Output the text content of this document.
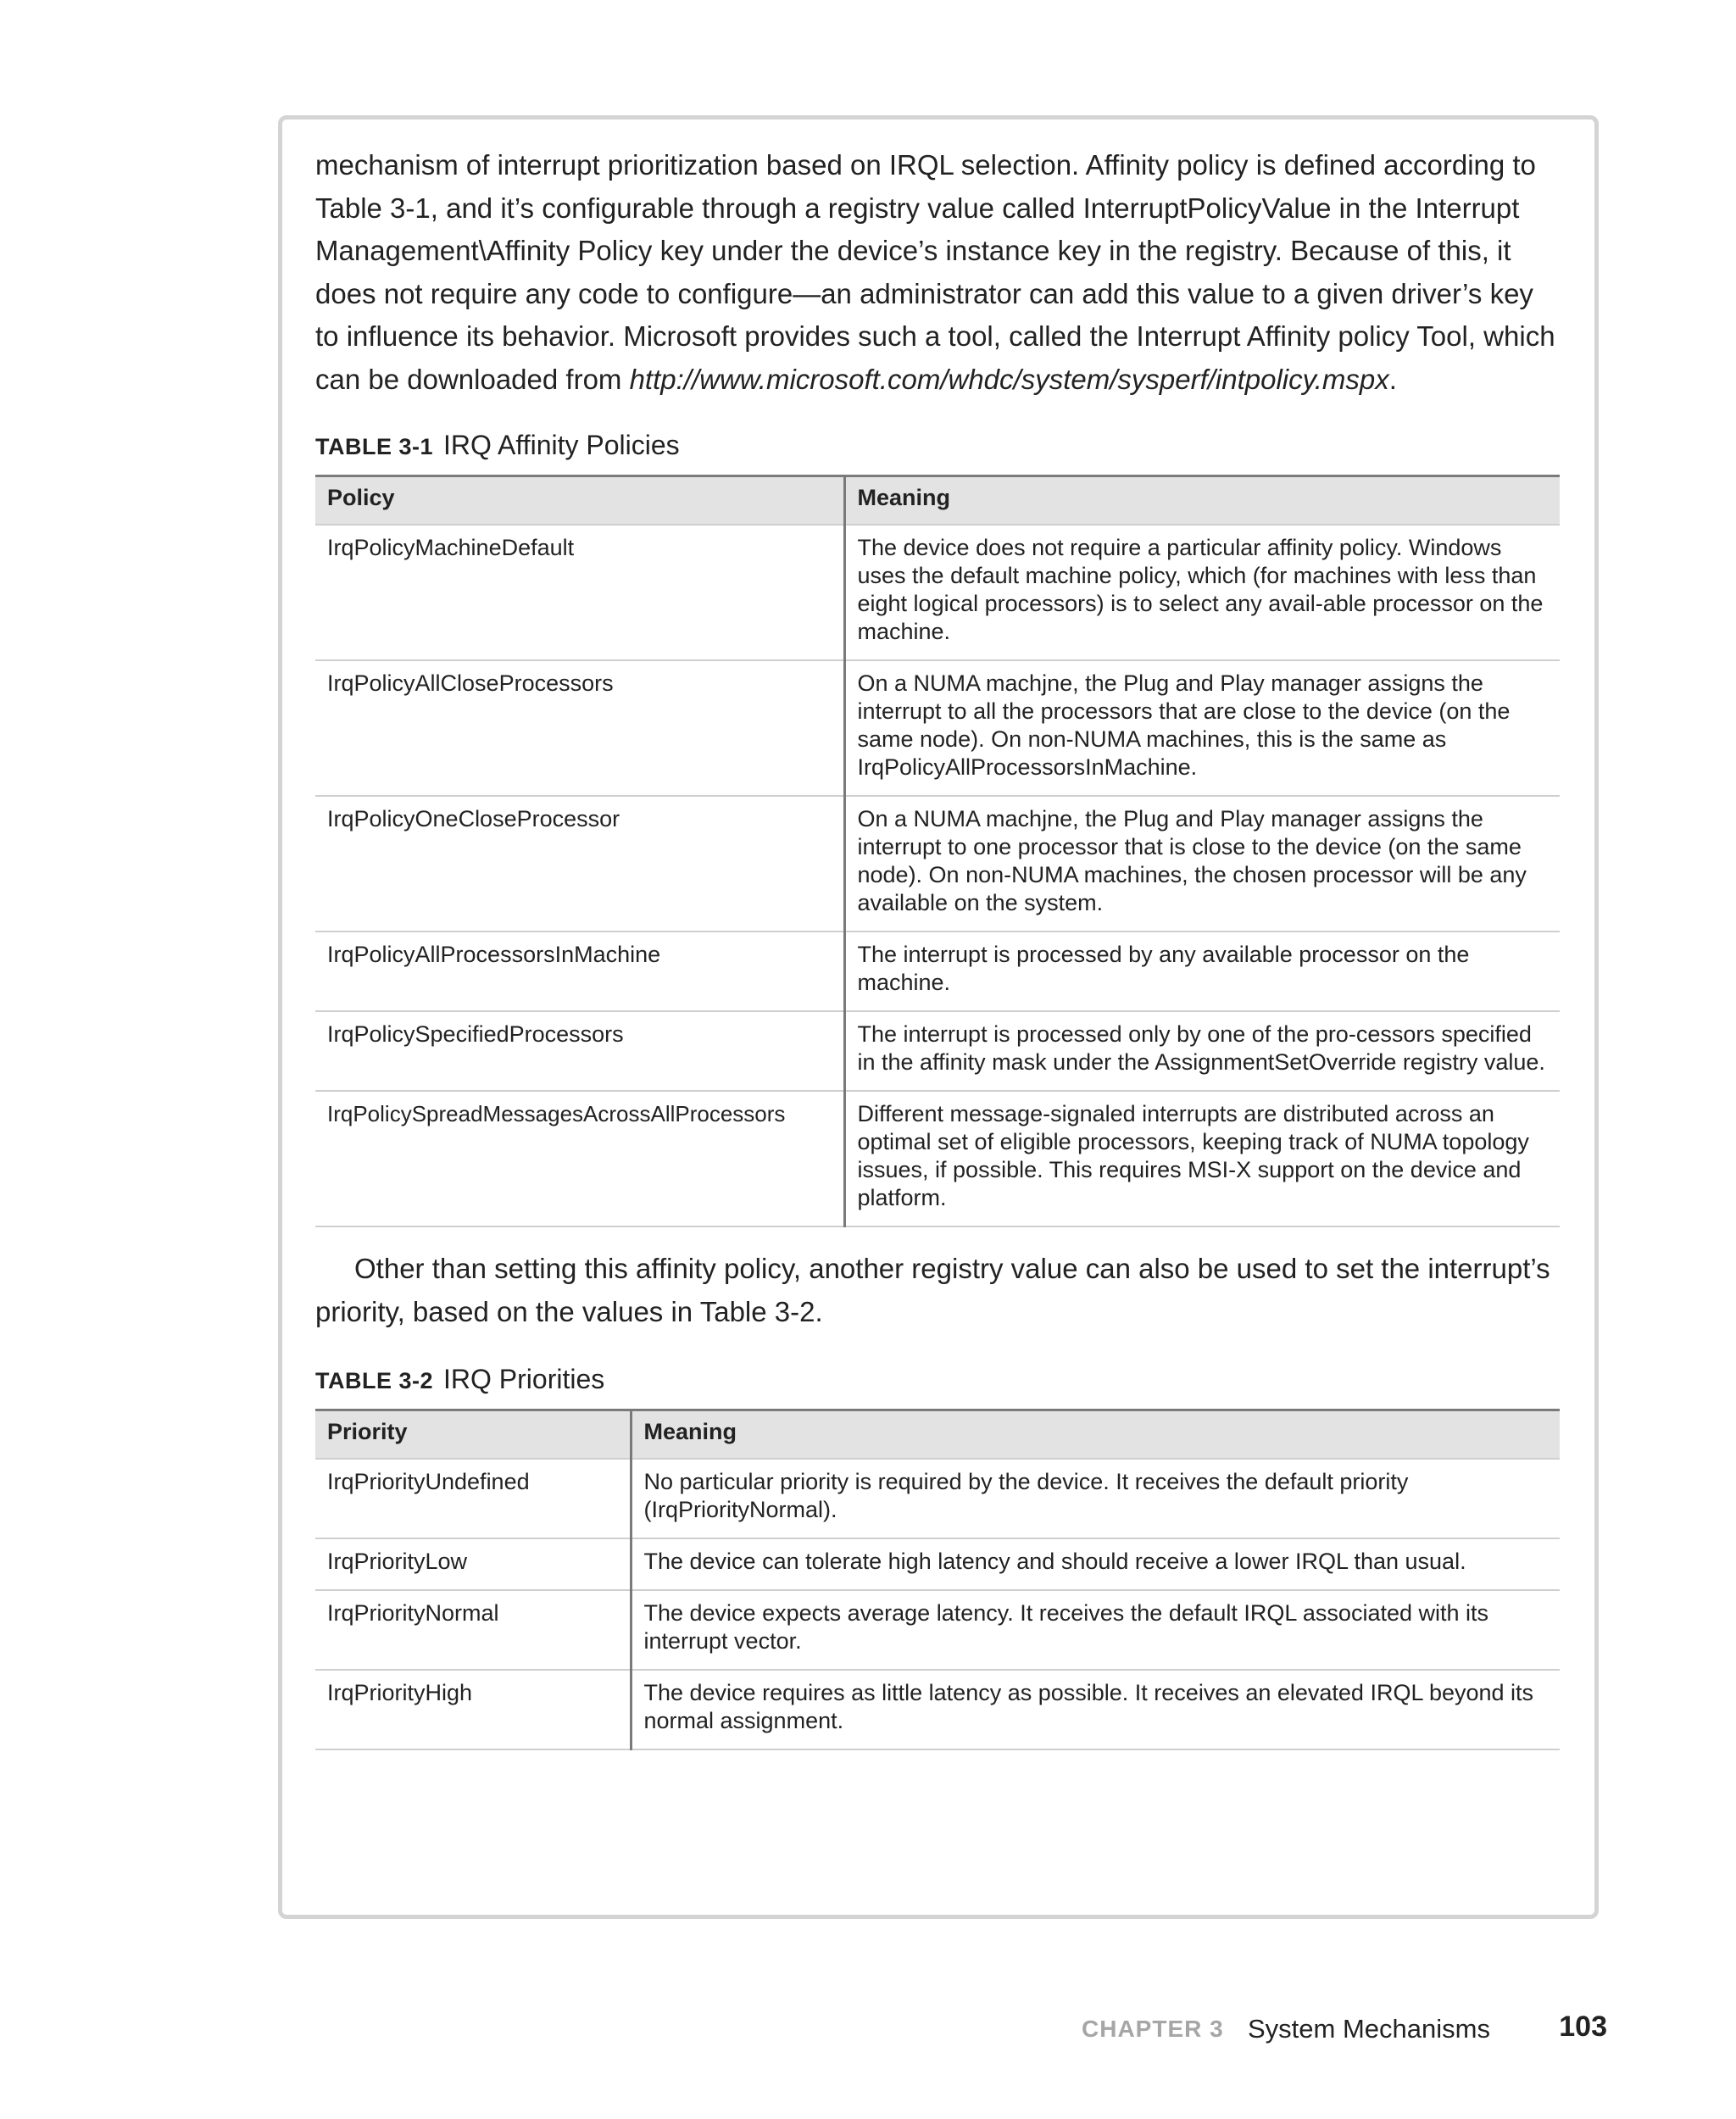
mechanism of interrupt prioritization based on IRQL selection. Affinity policy is defined according to Table 3-1, and it’s configurable through a registry value called InterruptPolicyValue in the Interrupt Management\Affinity Policy key under the device’s instance key in the registry. Because of this, it does not require any code to configure—an administrator can add this value to a given driver’s key to influence its behavior. Microsoft provides such a tool, called the Interrupt Affinity policy Tool, which can be downloaded from http://www.microsoft.com/whdc/system/sysperf/intpolicy.mspx.

TABLE 3-1 IRQ Affinity Policies

Policy	Meaning
IrqPolicyMachineDefault	The device does not require a particular affinity policy. Windows uses the default machine policy, which (for machines with less than eight logical processors) is to select any avail-able processor on the machine.
IrqPolicyAllCloseProcessors	On a NUMA machjne, the Plug and Play manager assigns the interrupt to all the processors that are close to the device (on the same node). On non-NUMA machines, this is the same as IrqPolicyAllProcessorsInMachine.
IrqPolicyOneCloseProcessor	On a NUMA machjne, the Plug and Play manager assigns the interrupt to one processor that is close to the device (on the same node). On non-NUMA machines, the chosen processor will be any available on the system.
IrqPolicyAllProcessorsInMachine	The interrupt is processed by any available processor on the machine.
IrqPolicySpecifiedProcessors	The interrupt is processed only by one of the pro-cessors specified in the affinity mask under the AssignmentSetOverride registry value.
IrqPolicySpreadMessagesAcrossAllProcessors	Different message-signaled interrupts are distributed across an optimal set of eligible processors, keeping track of NUMA topology issues, if possible. This requires MSI-X support on the device and platform.

Other than setting this affinity policy, another registry value can also be used to set the interrupt’s priority, based on the values in Table 3-2.

TABLE 3-2 IRQ Priorities

Priority	Meaning
IrqPriorityUndefined	No particular priority is required by the device. It receives the default priority (IrqPriorityNormal).
IrqPriorityLow	The device can tolerate high latency and should receive a lower IRQL than usual.
IrqPriorityNormal	The device expects average latency. It receives the default IRQL associated with its interrupt vector.
IrqPriorityHigh	The device requires as little latency as possible. It receives an elevated IRQL beyond its normal assignment.
CHAPTER 3 System Mechanisms 103
